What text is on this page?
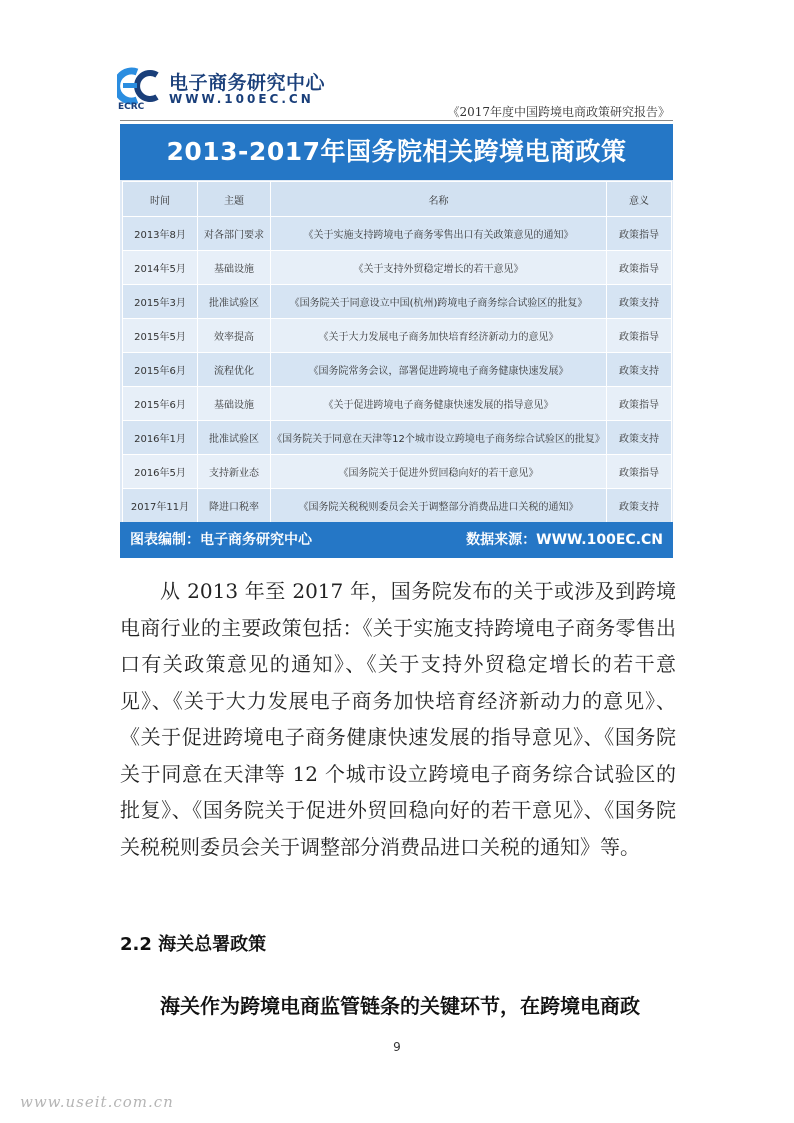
ECRC
电子商务研究中心
WWW.100EC.CN
《2017年度中国跨境电商政策研究报告》
2013-2017年国务院相关跨境电商政策
时间	主题	名称	意义
2013年8月	对各部门要求	《关于实施支持跨境电子商务零售出口有关政策意见的通知》	政策指导
2014年5月	基础设施	《关于支持外贸稳定增长的若干意见》	政策指导
2015年3月	批准试验区	《国务院关于同意设立中国(杭州)跨境电子商务综合试验区的批复》	政策支持
2015年5月	效率提高	《关于大力发展电子商务加快培育经济新动力的意见》	政策指导
2015年6月	流程优化	《国务院常务会议，部署促进跨境电子商务健康快速发展》	政策支持
2015年6月	基础设施	《关于促进跨境电子商务健康快速发展的指导意见》	政策指导
2016年1月	批准试验区	《国务院关于同意在天津等12个城市设立跨境电子商务综合试验区的批复》	政策支持
2016年5月	支持新业态	《国务院关于促进外贸回稳向好的若干意见》	政策指导
2017年11月	降进口税率	《国务院关税税则委员会关于调整部分消费品进口关税的通知》	政策支持
图表编制：电子商务研究中心	数据来源：WWW.100EC.CN

从 2013 年至 2017 年，国务院发布的关于或涉及到跨境电商行业的主要政策包括：《关于实施支持跨境电子商务零售出口有关政策意见的通知》、《关于支持外贸稳定增长的若干意见》、《关于大力发展电子商务加快培育经济新动力的意见》、《关于促进跨境电子商务健康快速发展的指导意见》、《国务院关于同意在天津等 12 个城市设立跨境电子商务综合试验区的批复》、《国务院关于促进外贸回稳向好的若干意见》、《国务院关税税则委员会关于调整部分消费品进口关税的通知》等。

2.2 海关总署政策
海关作为跨境电商监管链条的关键环节，在跨境电商政
9
www.useit.com.cn
